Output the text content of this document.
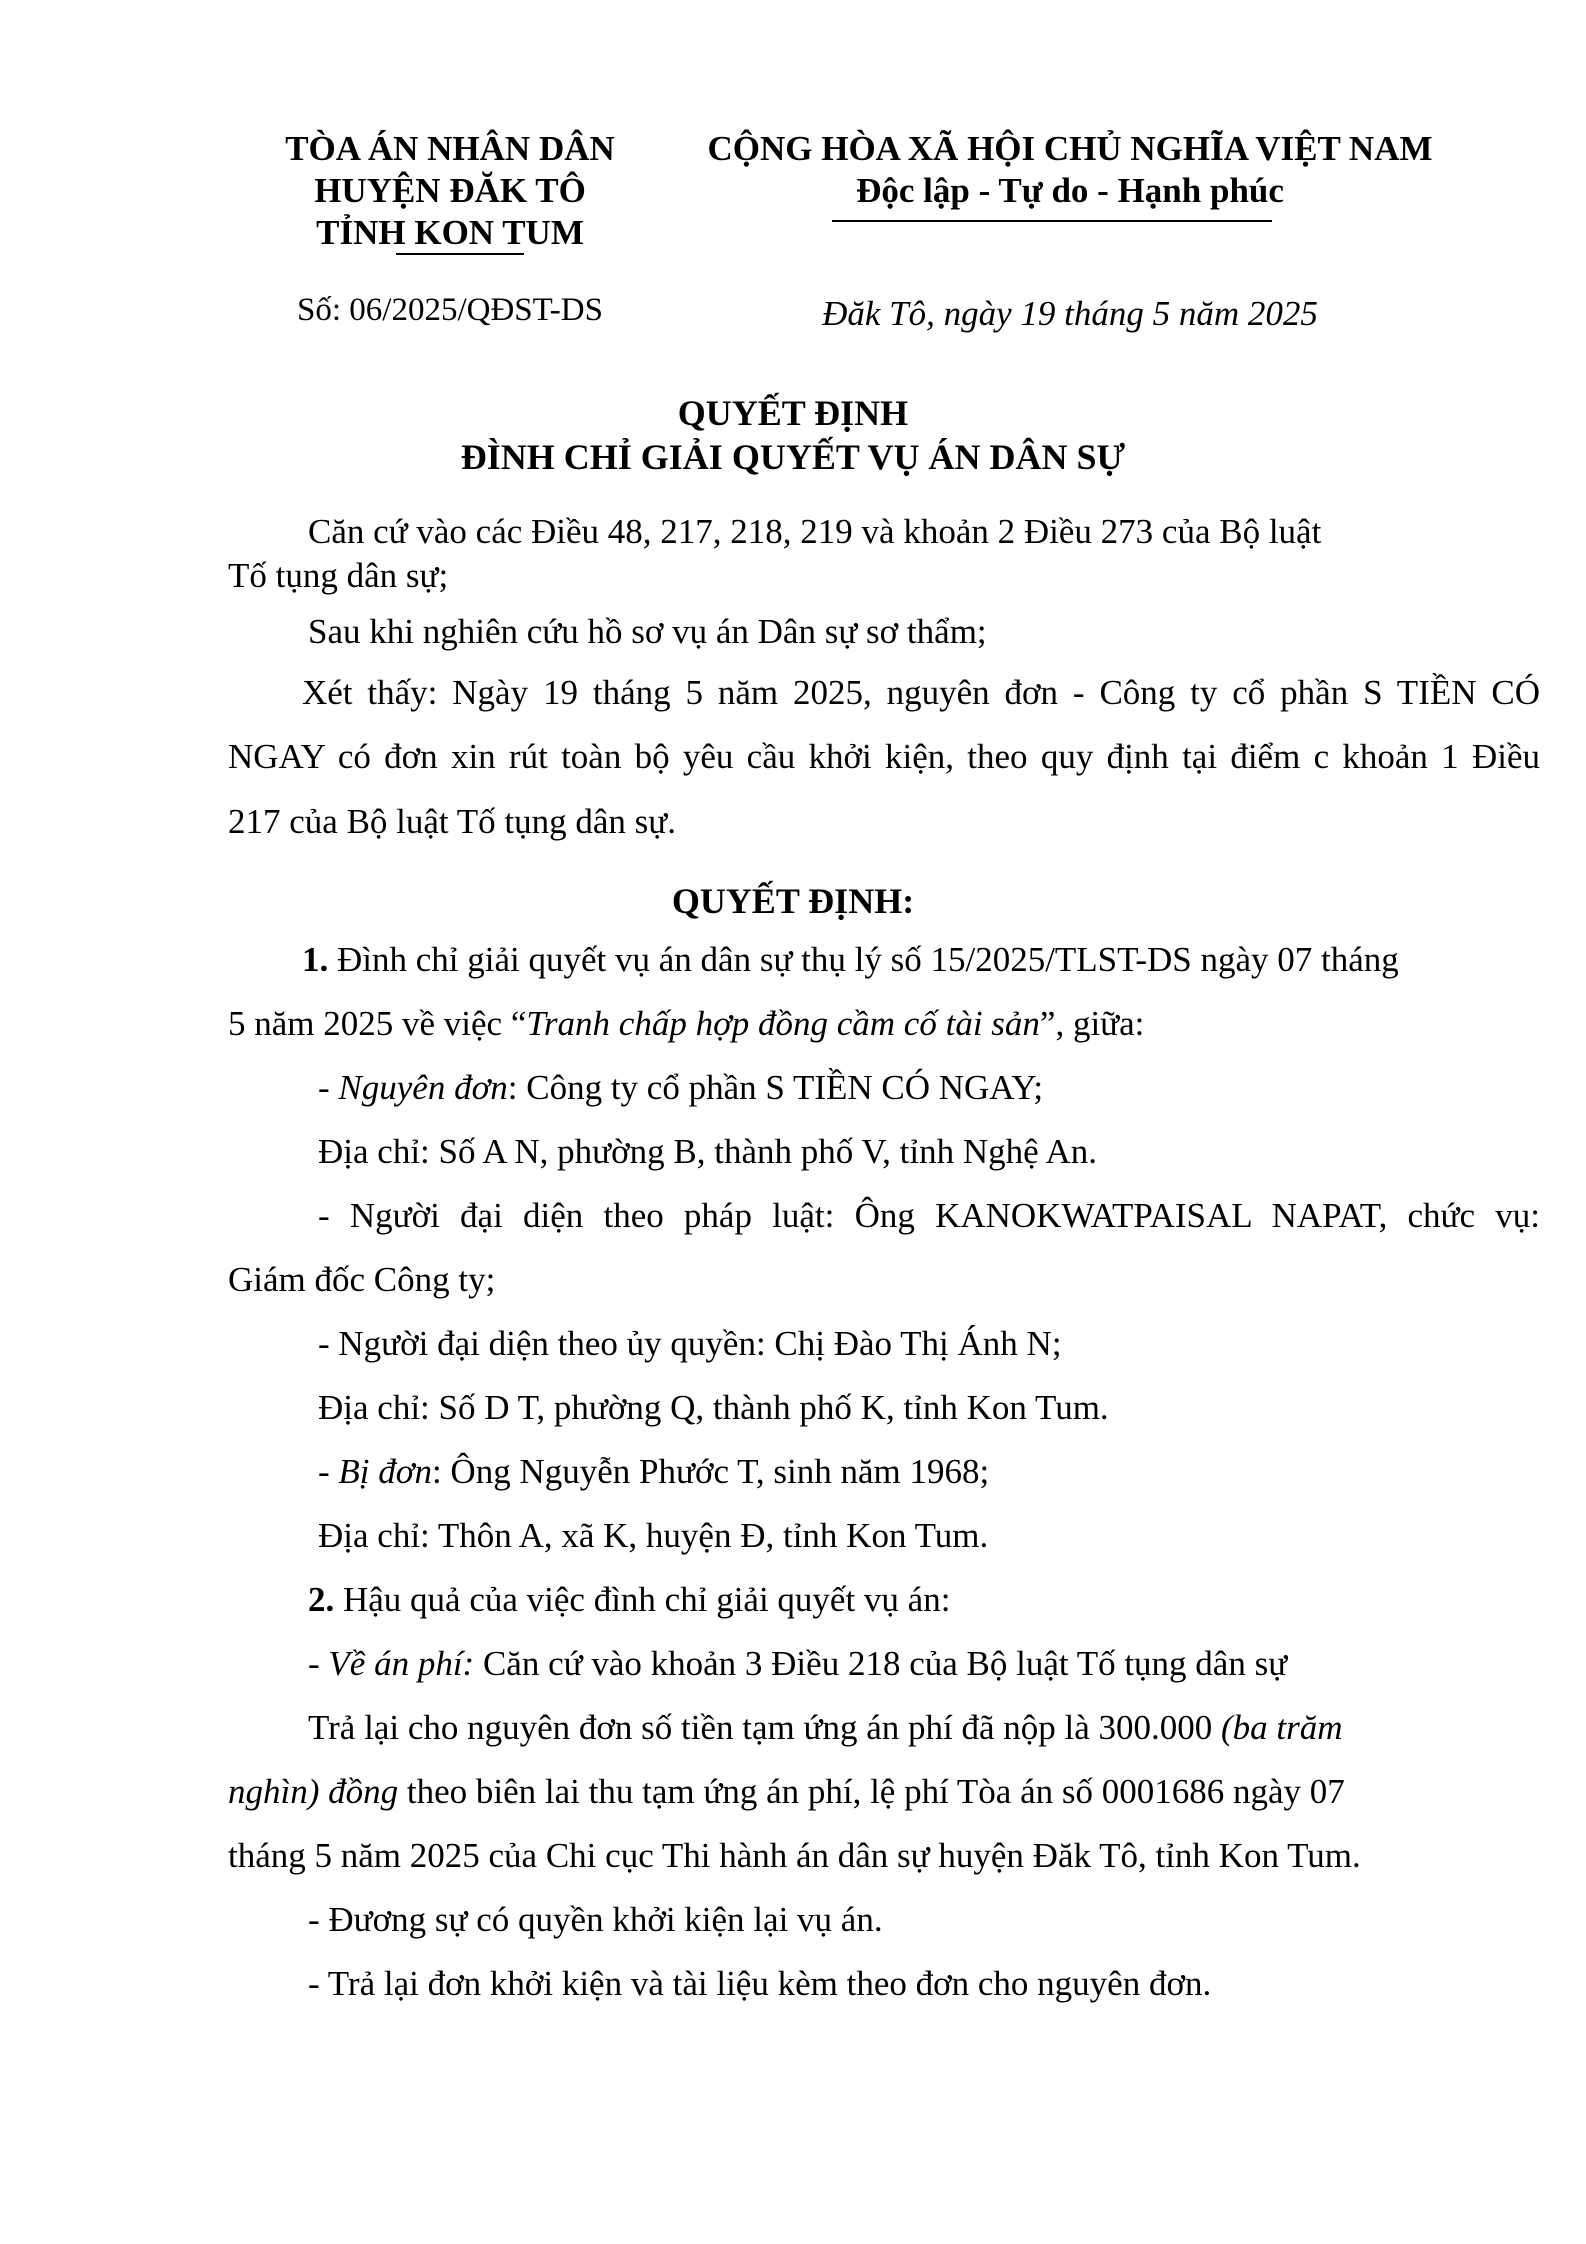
TÒA ÁN NHÂN DÂN
HUYỆN ĐĂK TÔ
TỈNH KON TUM
CỘNG HÒA XÃ HỘI CHỦ NGHĨA VIỆT NAM
Độc lập - Tự do - Hạnh phúc
Số: 06/2025/QĐST-DS	Đăk Tô, ngày 19 tháng 5 năm 2025
QUYẾT ĐỊNH
ĐÌNH CHỈ GIẢI QUYẾT VỤ ÁN DÂN SỰ
Căn cứ vào các Điều 48, 217, 218, 219 và khoản 2 Điều 273 của Bộ luật
Tố tụng dân sự;
Sau khi nghiên cứu hồ sơ vụ án Dân sự sơ thẩm;
Xét thấy: Ngày 19 tháng 5 năm 2025, nguyên đơn - Công ty cổ phần S TIỀN CÓ
NGAY có đơn xin rút toàn bộ yêu cầu khởi kiện, theo quy định tại điểm c khoản 1 Điều
217 của Bộ luật Tố tụng dân sự.
QUYẾT ĐỊNH:
1. Đình chỉ giải quyết vụ án dân sự thụ lý số 15/2025/TLST-DS ngày 07 tháng
5 năm 2025 về việc “Tranh chấp hợp đồng cầm cố tài sản”, giữa:
- Nguyên đơn: Công ty cổ phần S TIỀN CÓ NGAY;
Địa chỉ: Số A N, phường B, thành phố V, tỉnh Nghệ An.
- Người đại diện theo pháp luật: Ông KANOKWATPAISAL NAPAT, chức vụ:
Giám đốc Công ty;
- Người đại diện theo ủy quyền: Chị Đào Thị Ánh N;
Địa chỉ: Số D T, phường Q, thành phố K, tỉnh Kon Tum.
- Bị đơn: Ông Nguyễn Phước T, sinh năm 1968;
Địa chỉ: Thôn A, xã K, huyện Đ, tỉnh Kon Tum.
2. Hậu quả của việc đình chỉ giải quyết vụ án:
- Về án phí: Căn cứ vào khoản 3 Điều 218 của Bộ luật Tố tụng dân sự
Trả lại cho nguyên đơn số tiền tạm ứng án phí đã nộp là 300.000 (ba trăm
nghìn) đồng theo biên lai thu tạm ứng án phí, lệ phí Tòa án số 0001686 ngày 07
tháng 5 năm 2025 của Chi cục Thi hành án dân sự huyện Đăk Tô, tỉnh Kon Tum.
- Đương sự có quyền khởi kiện lại vụ án.
- Trả lại đơn khởi kiện và tài liệu kèm theo đơn cho nguyên đơn.
